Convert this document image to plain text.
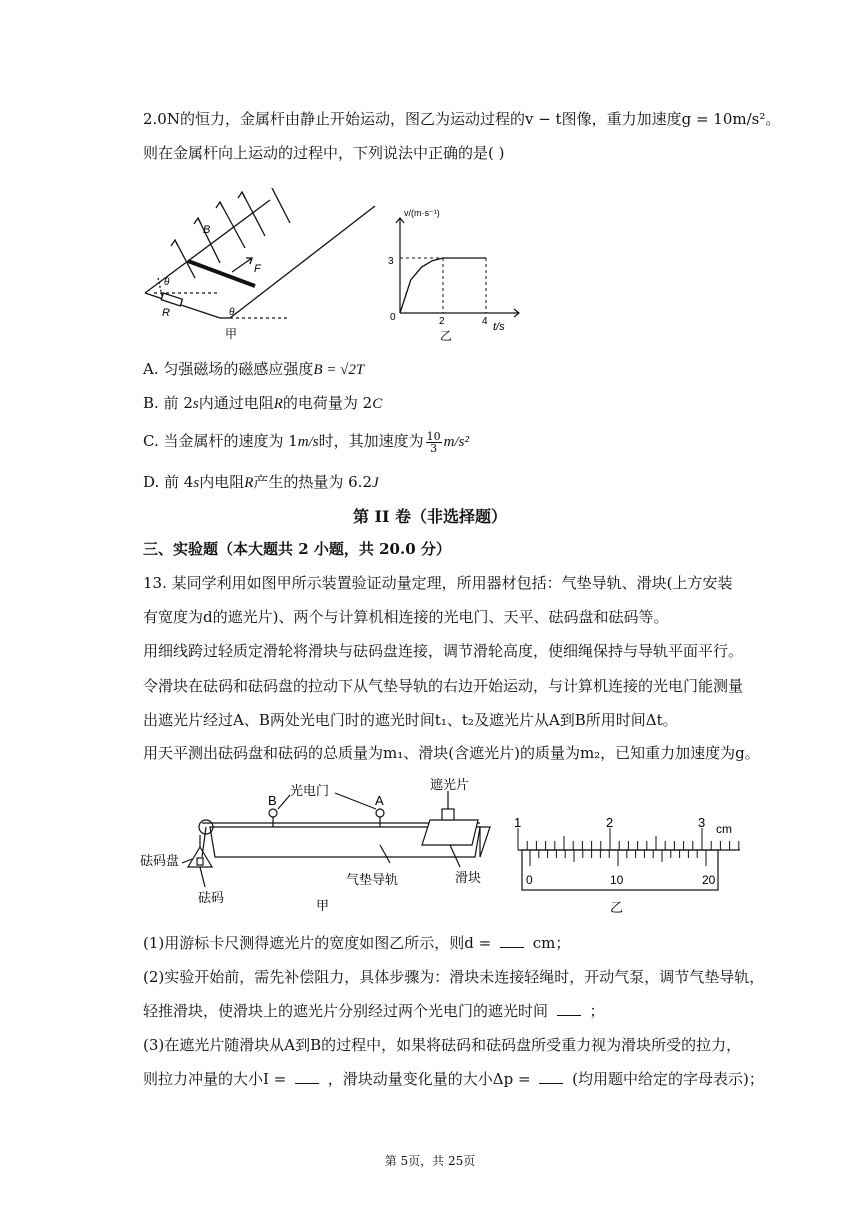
2.0N的恒力，金属杆由静止开始运动，图乙为运动过程的v − t图像，重力加速度g = 10m/s²。
则在金属杆向上运动的过程中，下列说法中正确的是( )
B
F
R
θ
θ
甲
v/(m·s⁻¹)
t/s
3
0	2	4
乙
A. 匀强磁场的磁感应强度B = √2T
B. 前 2s内通过电阻R的电荷量为 2C
C. 当金属杆的速度为 1m/s时，其加速度为 $\frac{10}{3} m/s^2$
D. 前 4s内电阻R产生的热量为 6.2J
第 II 卷（非选择题）
三、实验题（本大题共 2 小题，共 20.0 分）
13. 某同学利用如图甲所示装置验证动量定理，所用器材包括：气垫导轨、滑块(上方安装
有宽度为d的遮光片)、两个与计算机相连接的光电门、天平、砝码盘和砝码等。
用细线跨过轻质定滑轮将滑块与砝码盘连接，调节滑轮高度，使细绳保持与导轨平面平行。
令滑块在砝码和砝码盘的拉动下从气垫导轨的右边开始运动，与计算机连接的光电门能测量
出遮光片经过A、B两处光电门时的遮光时间t₁、t₂及遮光片从A到B所用时间Δt。
用天平测出砝码盘和砝码的总质量为m₁、滑块(含遮光片)的质量为m₂，已知重力加速度为g。
B	A
光电门	遮光片
砝码盘
砝码
气垫导轨	滑块
甲
1	2	3 cm
0	10	20
乙
(1)用游标卡尺测得遮光片的宽度如图乙所示，则d =  cm；
(2)实验开始前，需先补偿阻力，具体步骤为：滑块未连接轻绳时，开动气泵，调节气垫导轨，
轻推滑块，使滑块上的遮光片分别经过两个光电门的遮光时间  ；
(3)在遮光片随滑块从A到B的过程中，如果将砝码和砝码盘所受重力视为滑块所受的拉力，
则拉力冲量的大小I =  ，滑块动量变化量的大小Δp =  (均用题中给定的字母表示)；
第 5页，共 25页
